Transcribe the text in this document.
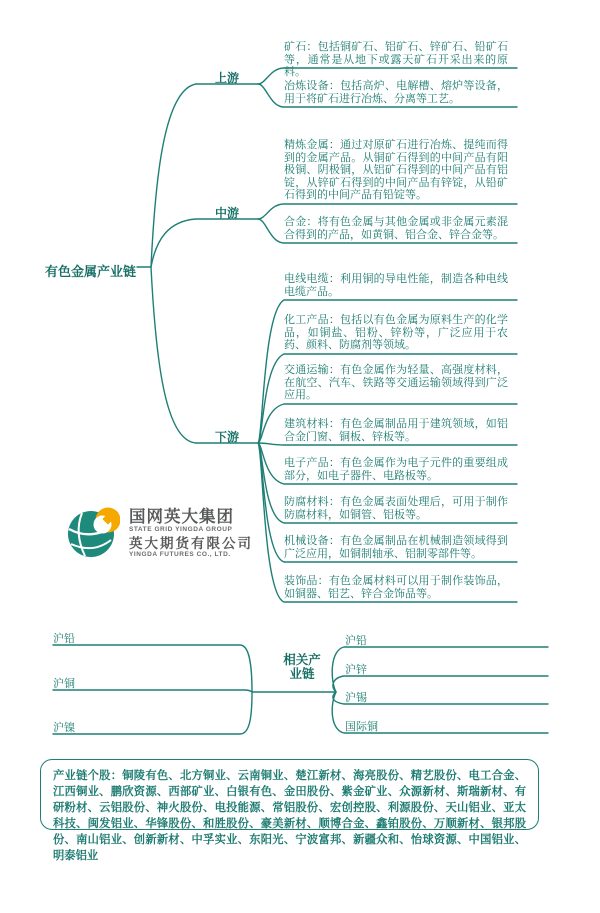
有色金属产业链
上游
中游
下游
矿石：包括铜矿石、铝矿石、锌矿石、铅矿石等，通常是从地下或露天矿石开采出来的原料。
冶炼设备：包括高炉、电解槽、熔炉等设备，用于将矿石进行冶炼、分离等工艺。
精炼金属：通过对原矿石进行冶炼、提纯而得到的金属产品。从铜矿石得到的中间产品有阳极铜、阴极铜，从铝矿石得到的中间产品有铝锭，从锌矿石得到的中间产品有锌锭，从铅矿石得到的中间产品有铅锭等。
合金：将有色金属与其他金属或非金属元素混合得到的产品，如黄铜、铝合金、锌合金等。
电线电缆：利用铜的导电性能，制造各种电线电缆产品。
化工产品：包括以有色金属为原料生产的化学品，如铜盐、铝粉、锌粉等，广泛应用于农药、颜料、防腐剂等领域。
交通运输：有色金属作为轻量、高强度材料，在航空、汽车、铁路等交通运输领域得到广泛应用。
建筑材料：有色金属制品用于建筑领域，如铝合金门窗、铜板、锌板等。
电子产品：有色金属作为电子元件的重要组成部分，如电子器件、电路板等。
防腐材料：有色金属表面处理后，可用于制作防腐材料，如铜管、铝板等。
机械设备：有色金属制品在机械制造领域得到广泛应用，如铜制轴承、铝制零部件等。
装饰品：有色金属材料可以用于制作装饰品，如铜器、铝艺、锌合金饰品等。
国网英大集团
STATE GRID YINGDA GROUP
英大期货有限公司
YINGDA FUTURES CO., LTD.
相关产业链
沪铅
沪铜
沪镍
沪铅
沪锌
沪锡
国际铜
产业链个股：铜陵有色、北方铜业、云南铜业、楚江新材、海亮股份、精艺股份、电工合金、江西铜业、鹏欣资源、西部矿业、白银有色、金田股份、紫金矿业、众源新材、斯瑞新材、有研粉材、云铝股份、神火股份、电投能源、常铝股份、宏创控股、利源股份、天山铝业、亚太科技、闽发铝业、华锋股份、和胜股份、豪美新材、顺博合金、鑫铂股份、万顺新材、银邦股份、南山铝业、创新新材、中孚实业、东阳光、宁波富邦、新疆众和、怡球资源、中国铝业、明泰铝业
